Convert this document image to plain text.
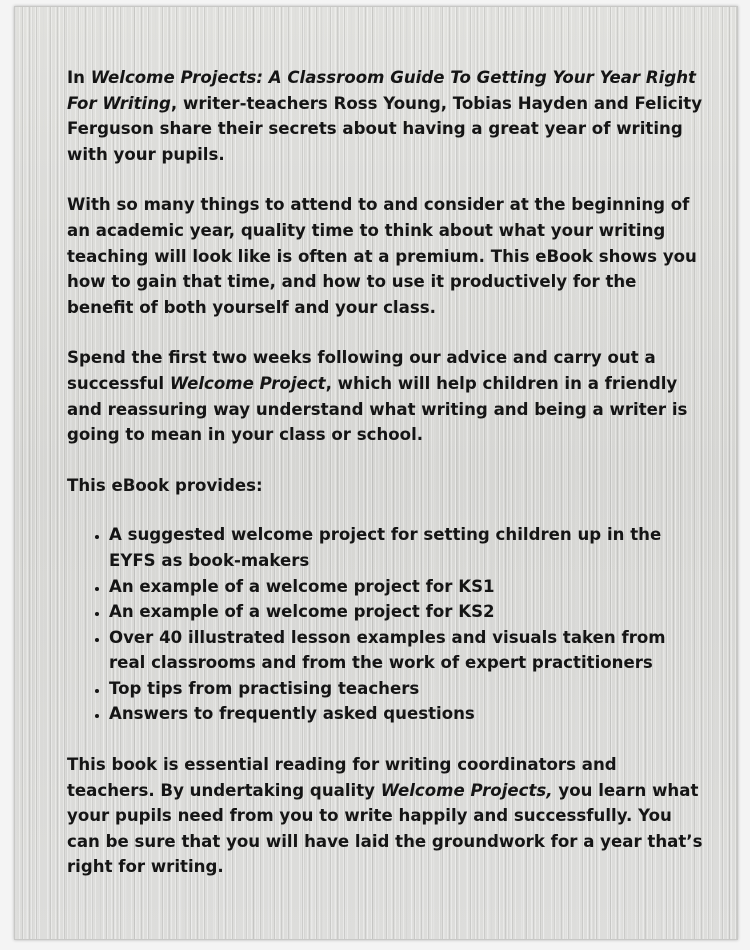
In Welcome Projects: A Classroom Guide To Getting Your Year Right For Writing, writer-teachers Ross Young, Tobias Hayden and Felicity Ferguson share their secrets about having a great year of writing with your pupils.

With so many things to attend to and consider at the beginning of an academic year, quality time to think about what your writing teaching will look like is often at a premium. This eBook shows you how to gain that time, and how to use it productively for the benefit of both yourself and your class.

Spend the first two weeks following our advice and carry out a successful Welcome Project, which will help children in a friendly and reassuring way understand what writing and being a writer is going to mean in your class or school.

This eBook provides:

• A suggested welcome project for setting children up in the EYFS as book-makers
• An example of a welcome project for KS1
• An example of a welcome project for KS2
• Over 40 illustrated lesson examples and visuals taken from real classrooms and from the work of expert practitioners
• Top tips from practising teachers
• Answers to frequently asked questions

This book is essential reading for writing coordinators and teachers. By undertaking quality Welcome Projects, you learn what your pupils need from you to write happily and successfully. You can be sure that you will have laid the groundwork for a year that’s right for writing.
